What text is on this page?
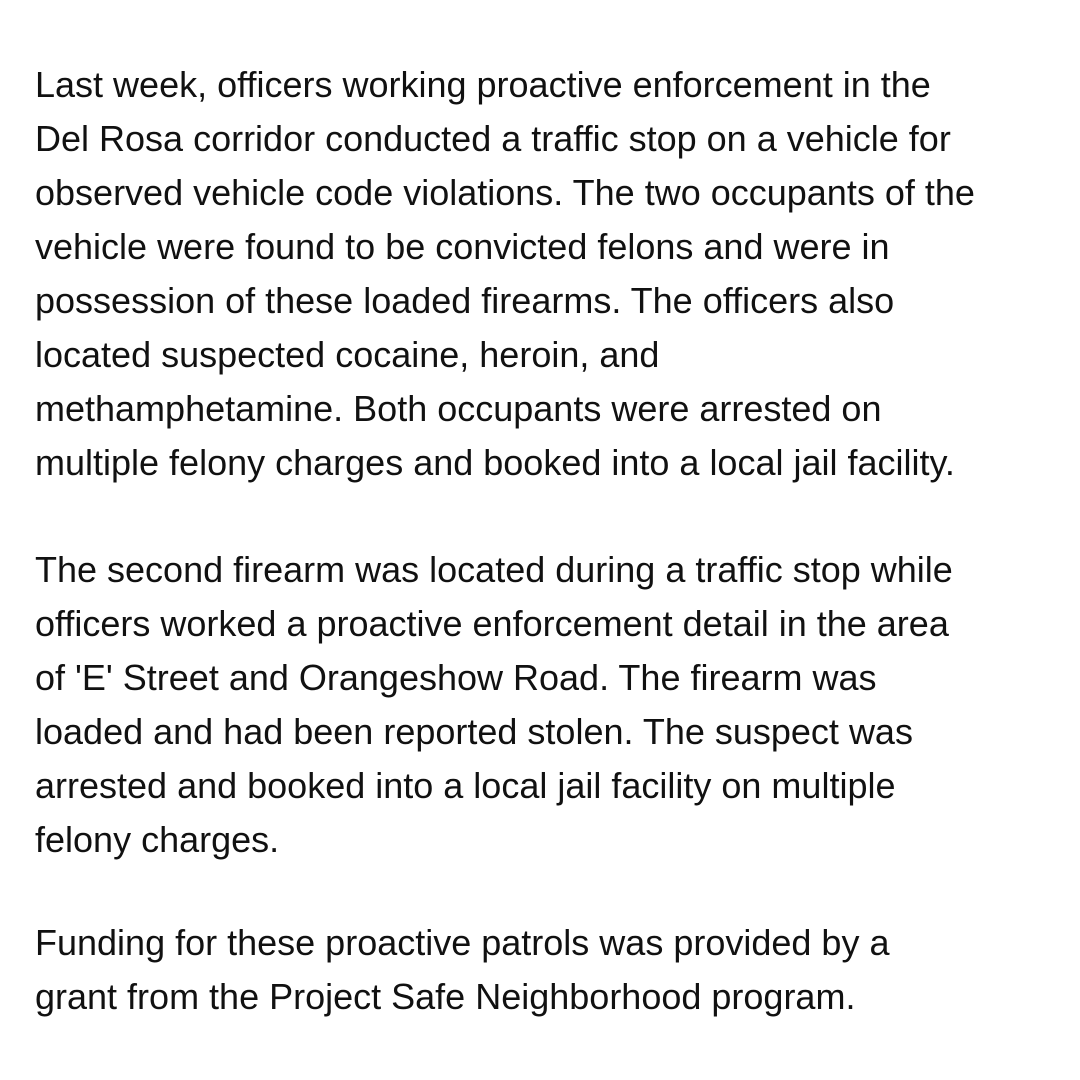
Last week, officers working proactive enforcement in the
Del Rosa corridor conducted a traffic stop on a vehicle for
observed vehicle code violations. The two occupants of the
vehicle were found to be convicted felons and were in
possession of these loaded firearms. The officers also
located suspected cocaine, heroin, and
methamphetamine. Both occupants were arrested on
multiple felony charges and booked into a local jail facility.

The second firearm was located during a traffic stop while
officers worked a proactive enforcement detail in the area
of 'E' Street and Orangeshow Road. The firearm was
loaded and had been reported stolen. The suspect was
arrested and booked into a local jail facility on multiple
felony charges.

Funding for these proactive patrols was provided by a
grant from the Project Safe Neighborhood program.
